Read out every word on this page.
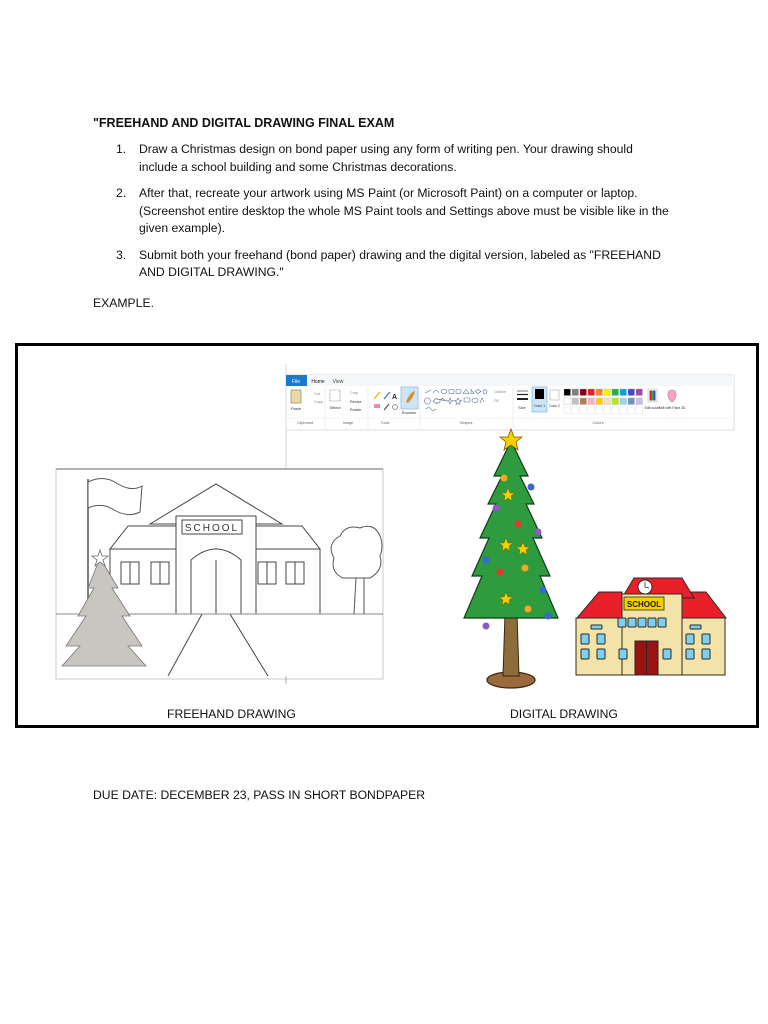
"FREEHAND AND DIGITAL DRAWING FINAL EXAM
1. Draw a Christmas design on bond paper using any form of writing pen. Your drawing should include a school building and some Christmas decorations.
2. After that, recreate your artwork using MS Paint (or Microsoft Paint) on a computer or laptop. (Screenshot entire desktop the whole MS Paint tools and Settings above must be visible like in the given example).
3. Submit both your freehand (bond paper) drawing and the digital version, labeled as "FREEHAND AND DIGITAL DRAWING."
EXAMPLE.
SCHOOL
File Home View
Paste
Cut
Copy
Select
Crop
Resize
Rotate
A
Brushes
Outline
Fill
Size Color 1 Color 2	Edit colors
Edit with Paint 3D
Clipboard	Image	Tools	Shapes	Colors
SCHOOL
FREEHAND DRAWING	DIGITAL DRAWING
DUE DATE: DECEMBER 23, PASS IN SHORT BONDPAPER
